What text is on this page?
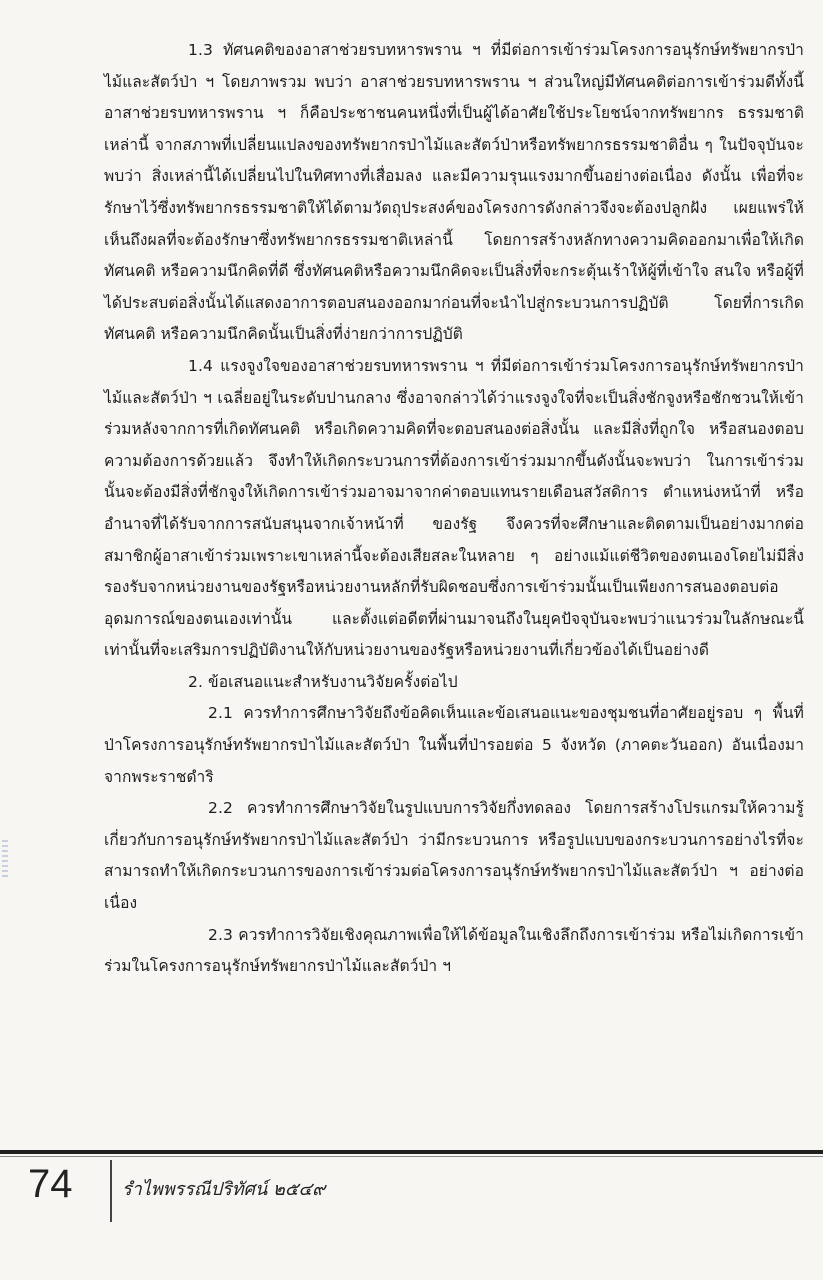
1.3 ทัศนคติของอาสาช่วยรบทหารพราน ฯ ที่มีต่อการเข้าร่วมโครงการอนุรักษ์ทรัพยากรป่าไม้และสัตว์ป่า ฯ โดยภาพรวม พบว่า อาสาช่วยรบทหารพราน ฯ ส่วนใหญ่มีทัศนคติต่อการเข้าร่วมดีทั้งนี้ อาสาช่วยรบทหารพราน ฯ ก็คือประชาชนคนหนึ่งที่เป็นผู้ได้อาศัยใช้ประโยชน์จากทรัพยากร ธรรมชาติเหล่านี้ จากสภาพที่เปลี่ยนแปลงของทรัพยากรป่าไม้และสัตว์ป่าหรือทรัพยากรธรรมชาติอื่น ๆ ในปัจจุบันจะพบว่า สิ่งเหล่านี้ได้เปลี่ยนไปในทิศทางที่เสื่อมลง และมีความรุนแรงมากขึ้นอย่างต่อเนื่อง ดังนั้น เพื่อที่จะรักษาไว้ซึ่งทรัพยากรธรรมชาติให้ได้ตามวัตถุประสงค์ของโครงการดังกล่าวจึงจะต้องปลูกฝัง เผยแพร่ให้เห็นถึงผลที่จะต้องรักษาซึ่งทรัพยากรธรรมชาติเหล่านี้ โดยการสร้างหลักทางความคิดออกมาเพื่อให้เกิดทัศนคติ หรือความนึกคิดที่ดี ซึ่งทัศนคติหรือความนึกคิดจะเป็นสิ่งที่จะกระตุ้นเร้าให้ผู้ที่เข้าใจ สนใจ หรือผู้ที่ได้ประสบต่อสิ่งนั้นได้แสดงอาการตอบสนองออกมาก่อนที่จะนำไปสู่กระบวนการปฏิบัติ โดยที่การเกิดทัศนคติ หรือความนึกคิดนั้นเป็นสิ่งที่ง่ายกว่าการปฏิบัติ

1.4 แรงจูงใจของอาสาช่วยรบทหารพราน ฯ ที่มีต่อการเข้าร่วมโครงการอนุรักษ์ทรัพยากรป่าไม้และสัตว์ป่า ฯ เฉลี่ยอยู่ในระดับปานกลาง ซึ่งอาจกล่าวได้ว่าแรงจูงใจที่จะเป็นสิ่งชักจูงหรือชักชวนให้เข้าร่วมหลังจากการที่เกิดทัศนคติ หรือเกิดความคิดที่จะตอบสนองต่อสิ่งนั้น และมีสิ่งที่ถูกใจ หรือสนองตอบความต้องการด้วยแล้ว จึงทำให้เกิดกระบวนการที่ต้องการเข้าร่วมมากขึ้นดังนั้นจะพบว่า ในการเข้าร่วมนั้นจะต้องมีสิ่งที่ชักจูงให้เกิดการเข้าร่วมอาจมาจากค่าตอบแทนรายเดือนสวัสดิการ ตำแหน่งหน้าที่ หรืออำนาจที่ได้รับจากการสนับสนุนจากเจ้าหน้าที่ ของรัฐ จึงควรที่จะศึกษาและติดตามเป็นอย่างมากต่อสมาชิกผู้อาสาเข้าร่วมเพราะเขาเหล่านี้จะต้องเสียสละในหลาย ๆ อย่างแม้แต่ชีวิตของตนเองโดยไม่มีสิ่งรองรับจากหน่วยงานของรัฐหรือหน่วยงานหลักที่รับผิดชอบซึ่งการเข้าร่วมนั้นเป็นเพียงการสนองตอบต่ออุดมการณ์ของตนเองเท่านั้น และตั้งแต่อดีตที่ผ่านมาจนถึงในยุคปัจจุบันจะพบว่าแนวร่วมในลักษณะนี้เท่านั้นที่จะเสริมการปฏิบัติงานให้กับหน่วยงานของรัฐหรือหน่วยงานที่เกี่ยวข้องได้เป็นอย่างดี

2. ข้อเสนอแนะสำหรับงานวิจัยครั้งต่อไป

2.1 ควรทำการศึกษาวิจัยถึงข้อคิดเห็นและข้อเสนอแนะของชุมชนที่อาศัยอยู่รอบ ๆ พื้นที่ป่าโครงการอนุรักษ์ทรัพยากรป่าไม้และสัตว์ป่า ในพื้นที่ป่ารอยต่อ 5 จังหวัด (ภาคตะวันออก) อันเนื่องมาจากพระราชดำริ

2.2 ควรทำการศึกษาวิจัยในรูปแบบการวิจัยกึ่งทดลอง โดยการสร้างโปรแกรมให้ความรู้เกี่ยวกับการอนุรักษ์ทรัพยากรป่าไม้และสัตว์ป่า ว่ามีกระบวนการ หรือรูปแบบของกระบวนการอย่างไรที่จะสามารถทำให้เกิดกระบวนการของการเข้าร่วมต่อโครงการอนุรักษ์ทรัพยากรป่าไม้และสัตว์ป่า ฯ อย่างต่อเนื่อง

2.3 ควรทำการวิจัยเชิงคุณภาพเพื่อให้ได้ข้อมูลในเชิงลึกถึงการเข้าร่วม หรือไม่เกิดการเข้าร่วมในโครงการอนุรักษ์ทรัพยากรป่าไม้และสัตว์ป่า ฯ

74	รำไพพรรณีปริทัศน์ ๒๕๔๙
